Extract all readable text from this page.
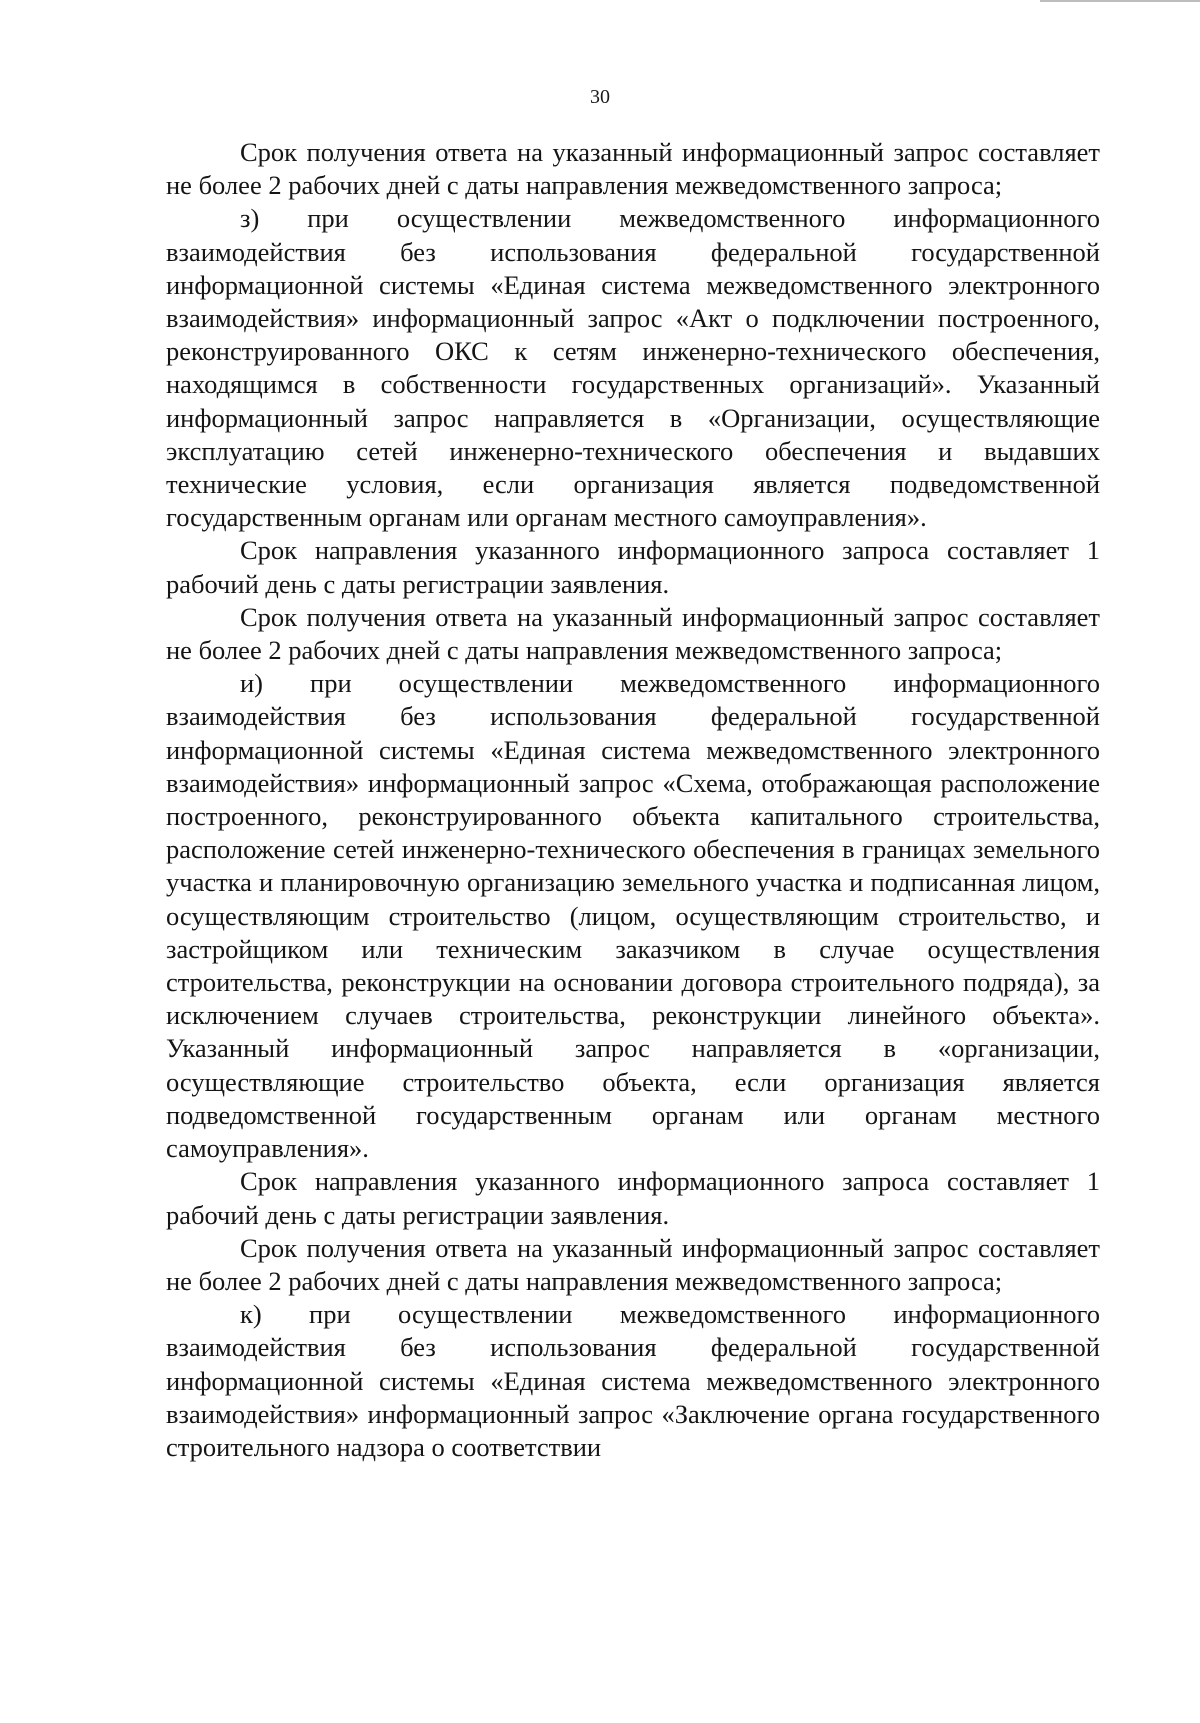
30

Срок получения ответа на указанный информационный запрос составляет не более 2 рабочих дней с даты направления межведомственного запроса;

з) при осуществлении межведомственного информационного взаимодействия без использования федеральной государственной информационной системы «Единая система межведомственного электронного взаимодействия» информационный запрос «Акт о подключении построенного, реконструированного ОКС к сетям инженерно-технического обеспечения, находящимся в собственности государственных организаций». Указанный информационный запрос направляется в «Организации, осуществляющие эксплуатацию сетей инженерно-технического обеспечения и выдавших технические условия, если организация является подведомственной государственным органам или органам местного самоуправления».

Срок направления указанного информационного запроса составляет 1 рабочий день с даты регистрации заявления.

Срок получения ответа на указанный информационный запрос составляет не более 2 рабочих дней с даты направления межведомственного запроса;

и) при осуществлении межведомственного информационного взаимодействия без использования федеральной государственной информационной системы «Единая система межведомственного электронного взаимодействия» информационный запрос «Схема, отображающая расположение построенного, реконструированного объекта капитального строительства, расположение сетей инженерно-технического обеспечения в границах земельного участка и планировочную организацию земельного участка и подписанная лицом, осуществляющим строительство (лицом, осуществляющим строительство, и застройщиком или техническим заказчиком в случае осуществления строительства, реконструкции на основании договора строительного подряда), за исключением случаев строительства, реконструкции линейного объекта». Указанный информационный запрос направляется в «организации, осуществляющие строительство объекта, если организация является подведомственной государственным органам или органам местного самоуправления».

Срок направления указанного информационного запроса составляет 1 рабочий день с даты регистрации заявления.

Срок получения ответа на указанный информационный запрос составляет не более 2 рабочих дней с даты направления межведомственного запроса;

к) при осуществлении межведомственного информационного взаимодействия без использования федеральной государственной информационной системы «Единая система межведомственного электронного взаимодействия» информационный запрос «Заключение органа государственного строительного надзора о соответствии
